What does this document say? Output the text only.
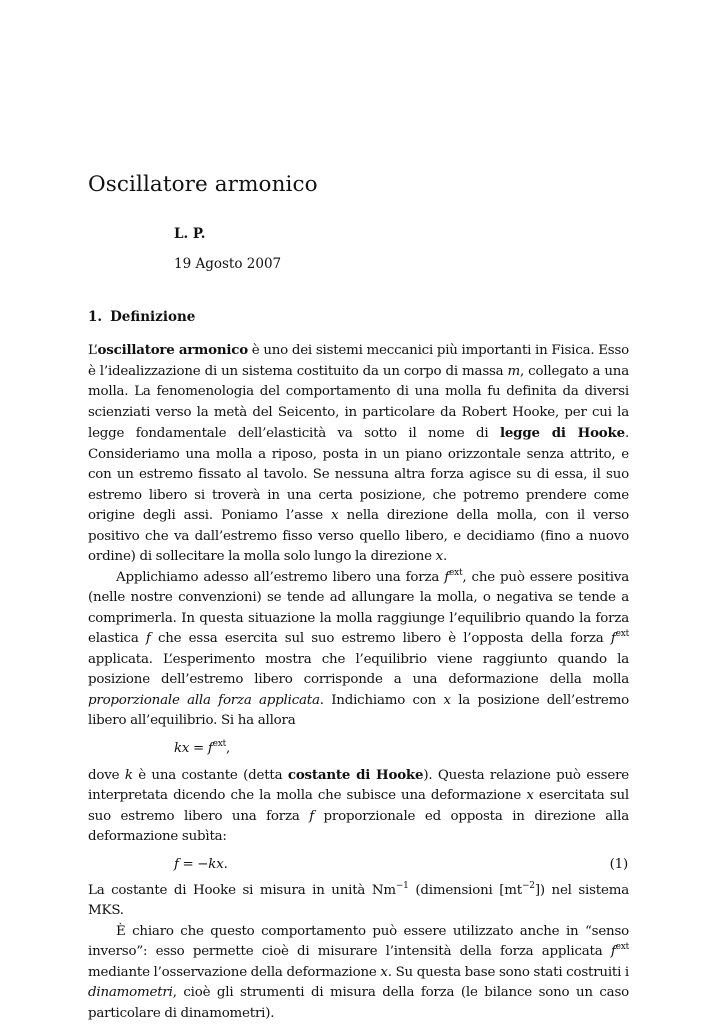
Oscillatore armonico
L. P.
19 Agosto 2007
1. Definizione

L’oscillatore armonico è uno dei sistemi meccanici più importanti in Fisica. Esso è l’idealizzazione di un sistema costituito da un corpo di massa m, collegato a una molla. La fenomenologia del comportamento di una molla fu definita da diversi scienziati verso la metà del Seicento, in particolare da Robert Hooke, per cui la legge fondamentale dell’elasticità va sotto il nome di legge di Hooke. Consideriamo una molla a riposo, posta in un piano orizzontale senza attrito, e con un estremo fissato al tavolo. Se nessuna altra forza agisce su di essa, il suo estremo libero si troverà in una certa posizione, che potremo prendere come origine degli assi. Poniamo l’asse x nella direzione della molla, con il verso positivo che va dall’estremo fisso verso quello libero, e decidiamo (fino a nuovo ordine) di sollecitare la molla solo lungo la direzione x.

Applichiamo adesso all’estremo libero una forza $f^{ext}$, che può essere positiva (nelle nostre convenzioni) se tende ad allungare la molla, o negativa se tende a comprimerla. In questa situazione la molla raggiunge l’equilibrio quando la forza elastica f che essa esercita sul suo estremo libero è l’opposta della forza $f^{ext}$ applicata. L’esperimento mostra che l’equilibrio viene raggiunto quando la posizione dell’estremo libero corrisponde a una deformazione della molla proporzionale alla forza applicata. Indichiamo con x la posizione dell’estremo libero all’equilibrio. Si ha allora

kx = $f^{ext}$,

dove k è una costante (detta costante di Hooke). Questa relazione può essere interpretata dicendo che la molla che subisce una deformazione x esercitata sul suo estremo libero una forza f proporzionale ed opposta in direzione alla deformazione subìta:

f = −kx.	(1)

La costante di Hooke si misura in unità $Nm^{-1}$ (dimensioni $[mt^{-2}]$) nel sistema MKS.

È chiaro che questo comportamento può essere utilizzato anche in “senso inverso”: esso permette cioè di misurare l’intensità della forza applicata $f^{ext}$ mediante l’osservazione della deformazione x. Su questa base sono stati costruiti i dinamometri, cioè gli strumenti di misura della forza (le bilance sono un caso particolare di dinamometri).
